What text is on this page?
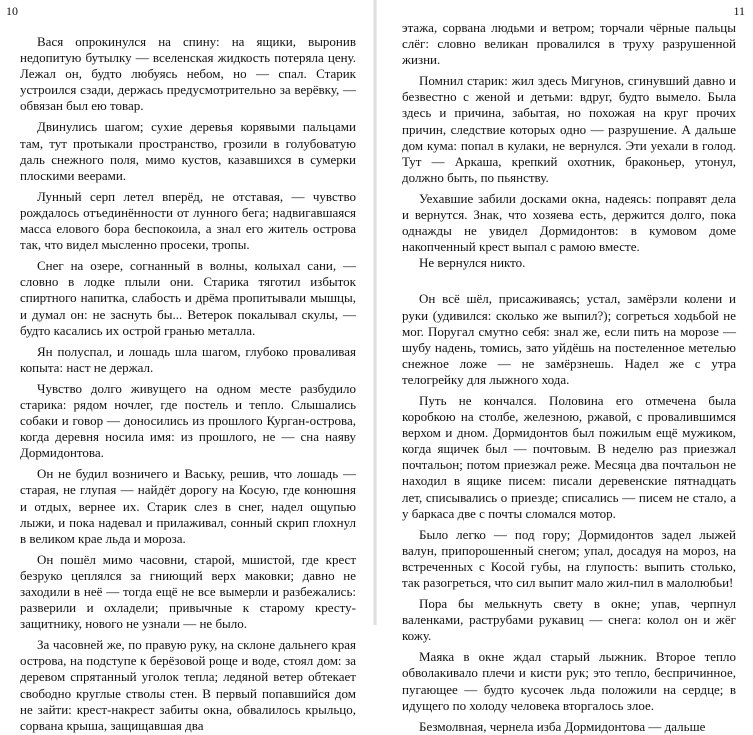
10

Вася опрокинулся на спину: на ящики, выронив недопитую бутылку — вселенская жидкость потеряла цену. Лежал он, будто любуясь небом, но — спал. Старик устроился сзади, держась предусмотрительно за верёвку, — обвязан был ею товар.

Двинулись шагом; сухие деревья корявыми пальцами там, тут протыкали пространство, грозили в голубоватую даль снежного поля, мимо кустов, казавшихся в сумерки плоскими веерами.

Лунный серп летел вперёд, не отставая, — чувство рождалось отъединённости от лунного бега; надвигавшаяся масса елового бора беспокоила, а знал его житель острова так, что видел мысленно просеки, тропы.

Снег на озере, согнанный в волны, колыхал сани, — словно в лодке плыли они. Старика тяготил избыток спиртного напитка, слабость и дрёма пропитывали мышцы, и думал он: не заснуть бы... Ветерок покалывал скулы, — будто касались их острой гранью металла.

Ян полуспал, и лошадь шла шагом, глубоко проваливая копыта: наст не держал.

Чувство долго живущего на одном месте разбудило старика: рядом ночлег, где постель и тепло. Слышались собаки и говор — доносились из прошлого Курган-острова, когда деревня носила имя: из прошлого, не — сна наяву Дормидонтова.

Он не будил возничего и Ваську, решив, что лошадь — старая, не глупая — найдёт дорогу на Косую, где конюшня и отдых, вернее их. Старик слез в снег, надел ощупью лыжи, и пока надевал и прилаживал, сонный скрип глохнул в великом крае льда и мороза.

Он пошёл мимо часовни, старой, мшистой, где крест безруко цеплялся за гниющий верх маковки; давно не заходили в неё — тогда ещё не все вымерли и разбежались: разверили и охладели; привычные к старому кресту-защитнику, нового не узнали — не было.

За часовней же, по правую руку, на склоне дальнего края острова, на подступе к берёзовой роще и воде, стоял дом: за деревом спрятанный уголок тепла; ледяной ветер обтекает свободно круглые стволы стен. В первый попавшийся дом не зайти: крест-накрест забиты окна, обвалилось крыльцо, сорвана крыша, защищавшая два

11

этажа, сорвана людьми и ветром; торчали чёрные пальцы слёг: словно великан провалился в труху разрушенной жизни.

Помнил старик: жил здесь Мигунов, сгинувший давно и безвестно с женой и детьми: вдруг, будто вымело. Была здесь и причина, забытая, но похожая на круг прочих причин, следствие которых одно — разрушение. А дальше дом кума: попал в кулаки, не вернулся. Эти уехали в голод. Тут — Аркаша, крепкий охотник, браконьер, утонул, должно быть, по пьянству.

Уехавшие забили досками окна, надеясь: поправят дела и вернутся. Знак, что хозяева есть, держится долго, пока однажды не увидел Дормидонтов: в кумовом доме накопченный крест выпал с рамою вместе.

Не вернулся никто.

Он всё шёл, присаживаясь; устал, замёрзли колени и руки (удивился: сколько же выпил?); согреться ходьбой не мог. Поругал смутно себя: знал же, если пить на морозе — шубу надень, томись, зато уйдёшь на постеленное метелью снежное ложе — не замёрзнешь. Надел же с утра телогрейку для лыжного хода.

Путь не кончался. Половина его отмечена была коробкою на столбе, железною, ржавой, с провалившимся верхом и дном. Дормидонтов был пожилым ещё мужиком, когда ящичек был — почтовым. В неделю раз приезжал почтальон; потом приезжал реже. Месяца два почтальон не находил в ящике писем: писали деревенские пятнадцать лет, списывались о приезде; списались — писем не стало, а у баркаса две с почты сломался мотор.

Было легко — под гору; Дормидонтов задел лыжей валун, припорошенный снегом; упал, досадуя на мороз, на встреченных с Косой губы, на глупость: выпить столько, так разогреться, что сил выпит мало жил-пил в малолюбьи!

Пора бы мелькнуть свету в окне; упав, черпнул валенками, раструбами рукавиц — снега: колол он и жёг кожу.

Маяка в окне ждал старый лыжник. Второе тепло обволакивало плечи и кисти рук; это тепло, беспричинное, пугающее — будто кусочек льда положили на сердце; в идущего по холоду человека вторгалось злое.

Безмолвная, чернела изба Дормидонтова — дальше
